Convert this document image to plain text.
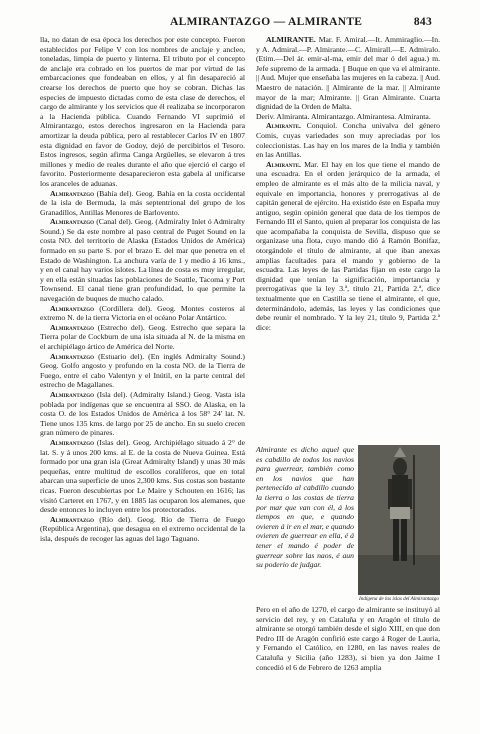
ALMIRANTAZGO — ALMIRANTE	843

lla, no datan de esa época los derechos por este concepto. Fueron establecidos por Felipe V con los nombres de anclaje y ancleo, toneladas, limpia de puerto y linterna. El tributo por el concepto de anclaje era cobrado en los puertos de mar por virtud de las embarcaciones que fondeaban en ellos, y al fin desapareció al crearse los derechos de puerto que hoy se cobran. Dichas las especies de impuesto dictadas como de esta clase de derechos, el cargo de almirante y los servicios que él realizaba se incorporaron a la Hacienda pública. Cuando Fernando VI suprimió el Almirantazgo, estos derechos ingresaron en la Hacienda para amortizar la deuda pública, pero al restablecer Carlos IV en 1807 esta dignidad en favor de Godoy, dejó de percibirlos el Tesoro. Estos ingresos, según afirma Canga Argüelles, se elevaron á tres millones y medio de reales durante el año que ejerció el cargo el favorito. Posteriormente desaparecieron esta gabela al unificarse los aranceles de aduanas.

Almirantazgo (Bahía del). Geog. Bahía en la costa occidental de la isla de Bermuda, la más septentrional del grupo de los Granadillos, Antillas Menores de Barlovento.

Almirantazgo (Canal del). Geog. (Admiralty Inlet ó Admiralty Sound.) Se da este nombre al paso central de Puget Sound en la costa NO. del territorio de Alaska (Estados Unidos de América) formado en su parte S. por el brazo E. del mar que penetra en el Estado de Washington. La anchura varía de 1 y medio á 16 kms., y en el canal hay varios islotes. La línea de costa es muy irregular, y en ella están situadas las poblaciones de Seattle, Tacoma y Port Townsend. El canal tiene gran profundidad, lo que permite la navegación de buques de mucho calado.

Almirantazgo (Cordillera del). Geog. Montes costeros al extremo N. de la tierra Victoria en el océano Polar Antártico.

Almirantazgo (Estrecho del). Geog. Estrecho que separa la Tierra polar de Cockburn de una isla situada al N. de la misma en el archipiélago ártico de América del Norte.

Almirantazgo (Estuario del). (En inglés Admiralty Sound.) Geog. Golfo angosto y profundo en la costa NO. de la Tierra de Fuego, entre el cabo Valentyn y el Inútil, en la parte central del estrecho de Magallanes.

Almirantazgo (Isla del). (Admiralty Island.) Geog. Vasta isla poblada por indígenas que se encuentra al SSO. de Alaska, en la costa O. de los Estados Unidos de América á los 58° 24' lat. N. Tiene unos 135 kms. de largo por 25 de ancho. En su suelo crecen gran número de pinares.

Almirantazgo (Islas del). Geog. Archipiélago situado á 2° de lat. S. y á unos 200 kms. al E. de la costa de Nueva Guinea. Está formado por una gran isla (Great Admiralty Island) y unas 30 más pequeñas, entre multitud de escollos coralíferos, que en total abarcan una superficie de unos 2,300 kms. Sus costas son bastante ricas. Fueron descubiertas por Le Maire y Schouten en 1616; las visitó Carteret en 1767, y en 1885 las ocuparon los alemanes, que desde entonces lo incluyen entre los protectorados.

Almirantazgo (Río del). Geog. Río de Tierra de Fuego (República Argentina), que desagua en el extremo occidental de la isla, después de recoger las aguas del lago Taguano.

ALMIRANTE. Mar. F. Amiral.—It. Ammiraglio.—In. y A. Admiral.—P. Almirante.—C. Almirall.—E. Admiralo. (Etim.—Del ár. emir-al-ma, emir del mar ó del agua.) m. Jefe supremo de la armada. || Buque en que va el almirante. || Aud. Mujer que enseñaba las mujeres en la cabeza. || Aud. Maestro de natación. || Almirante de la mar. || Almirante mayor de la mar; Almirante. || Gran Almirante. Cuarta dignidad de la Orden de Malta.

Deriv. Almiranta. Almirantazgo. Almirantesa. Almiranta.

Almirante. Conquiol. Concha univalva del género Comis, cuyas variedades son muy apreciadas por los coleccionistas. Las hay en los mares de la India y también en las Antillas.

Almirante. Mar. El hay en los que tiene el mando de una escuadra. En el orden jerárquico de la armada, el empleo de almirante es el más alto de la milicia naval, y equivale en importancia, honores y prerrogativas al de capitán general de ejército. Ha existido éste en España muy antiguo, según opinión general que data de los tiempos de Fernando III el Santo, quien al preparar los conquista de las que acompañaba la conquista de Sevilla, dispuso que se organizase una flota, cuyo mando dió á Ramón Bonifaz, otorgándole el título de almirante, al que iban anexas amplias facultades para el mando y gobierno de la escuadra. Las leyes de las Partidas fijan en este cargo la dignidad que tenían la significación, importancia y prerrogativas que la ley 3.ª, título 21, Partida 2.ª, dice textualmente que en Castilla se tiene el almirante, el que, determinándolo, además, las leyes y las condiciones que debe reunir el nombrado. Y la ley 21, título 9, Partida 2.ª dice:

Almirante es dicho aquel que es cabdillo de todos los navios para guerrear, también como en los navios que han pertenecido al cabdillo cuando la tierra o las costas de tierra por mar que van con él, á los tiempos en que, e quando ovieren á ir en el mar, e quando ovieren de guerrear en ella, é á tener el mando é poder de guerrear sobre las naos, é aun su poderio de judgar.
Indígena de las islas del Almirantazgo
Pero en el año de 1270, el cargo de almirante se instituyó al servicio del rey, y en Cataluña y en Aragón el título de almirante se otorgó también desde el siglo XIII, en que don Pedro III de Aragón confirió este cargo á Roger de Lauria, y Fernando el Católico, en 1280, en las naves reales de Cataluña y Sicilia (año 1283), si bien ya don Jaime I concedió el 6 de Febrero de 1263 amplia
